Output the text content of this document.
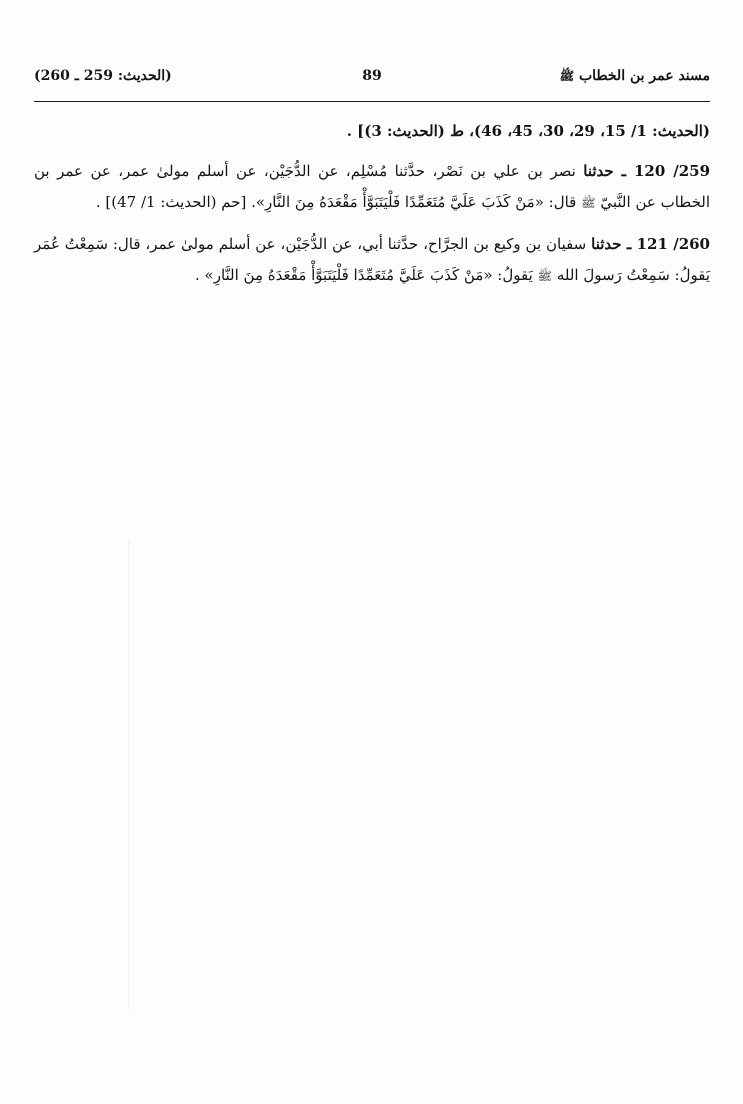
مسند عمر بن الخطاب ﷺ
89
(الحديث: 259 ـ 260)

(الحديث: 1/ 15، 29، 30، 45، 46)، ط (الحديث: 3)] .

259/ 120 ـ حدثنا نصر بن علي بن نَصْر، حدَّثنا مُسْلِم، عن الدُّجَيْن، عن أسلم مولىٰ عمر، عن عمر بن الخطاب عن النَّبيّ ﷺ قال: «مَنْ كَذَبَ عَلَيَّ مُتَعَمِّدًا فَلْيَتَبَوَّأْ مَقْعَدَهُ مِنَ النَّارِ». [حم (الحديث: 1/ 47)] .

260/ 121 ـ حدثنا سفيان بن وكيع بن الجرَّاح، حدَّثنا أبي، عن الدُّجَيْن، عن أسلم مولىٰ عمر، قال: سَمِعْتُ عُمَر يَقولُ: سَمِعْتُ رَسولَ الله ﷺ يَقولُ: «مَنْ كَذَبَ عَلَيَّ مُتَعَمِّدًا فَلْيَتَبَوَّأْ مَقْعَدَهُ مِنَ النَّارِ» .
